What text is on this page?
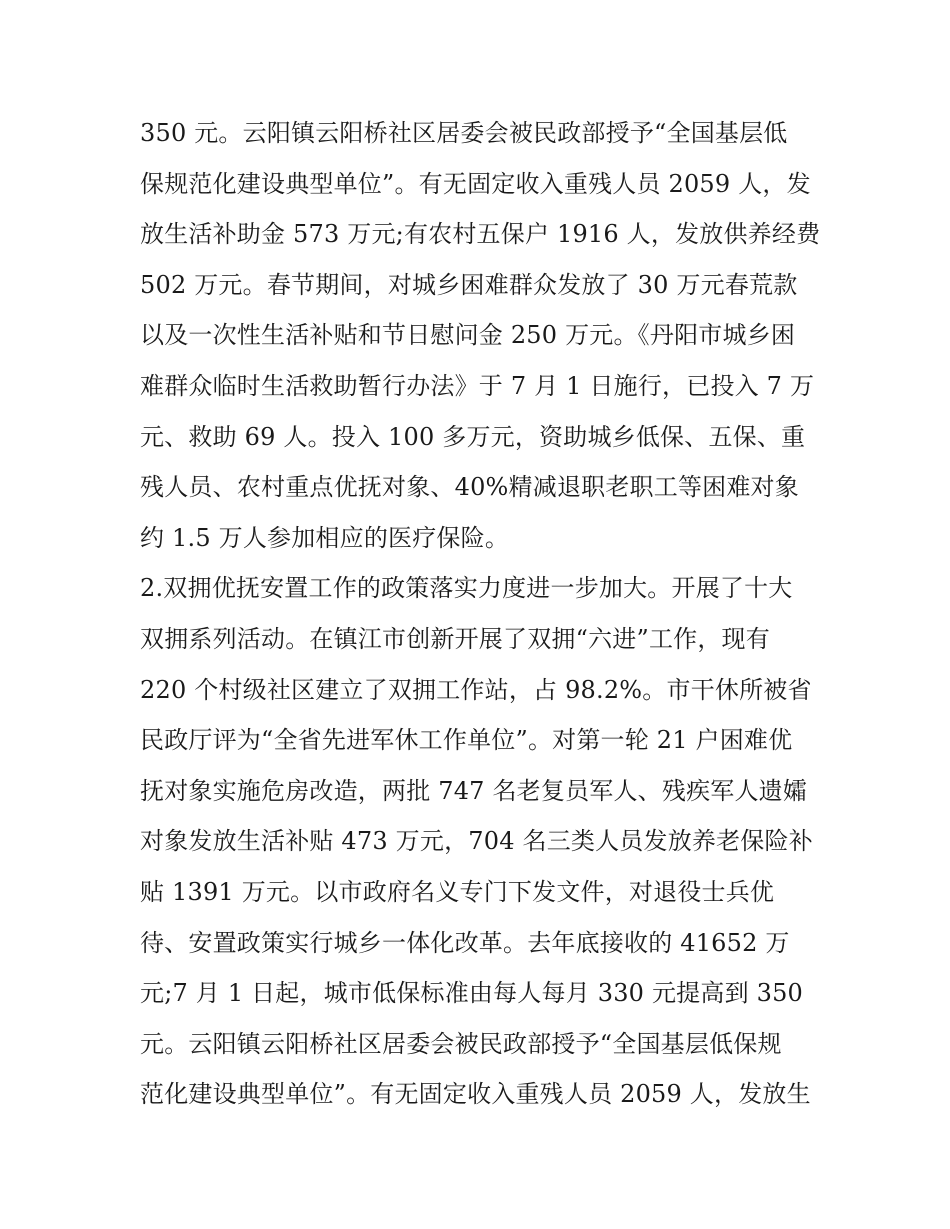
350 元。云阳镇云阳桥社区居委会被民政部授予“全国基层低
保规范化建设典型单位”。有无固定收入重残人员 2059 人，发
放生活补助金 573 万元;有农村五保户 1916 人，发放供养经费
502 万元。春节期间，对城乡困难群众发放了 30 万元春荒款
以及一次性生活补贴和节日慰问金 250 万元。《丹阳市城乡困
难群众临时生活救助暂行办法》于 7 月 1 日施行，已投入 7 万
元、救助 69 人。投入 100 多万元，资助城乡低保、五保、重
残人员、农村重点优抚对象、40%精减退职老职工等困难对象
约 1.5 万人参加相应的医疗保险。
2.双拥优抚安置工作的政策落实力度进一步加大。开展了十大
双拥系列活动。在镇江市创新开展了双拥“六进”工作，现有
220 个村级社区建立了双拥工作站，占 98.2%。市干休所被省
民政厅评为“全省先进军休工作单位”。对第一轮 21 户困难优
抚对象实施危房改造，两批 747 名老复员军人、残疾军人遗孀
对象发放生活补贴 473 万元，704 名三类人员发放养老保险补
贴 1391 万元。以市政府名义专门下发文件，对退役士兵优
待、安置政策实行城乡一体化改革。去年底接收的 41652 万
元;7 月 1 日起，城市低保标准由每人每月 330 元提高到 350
元。云阳镇云阳桥社区居委会被民政部授予“全国基层低保规
范化建设典型单位”。有无固定收入重残人员 2059 人，发放生
